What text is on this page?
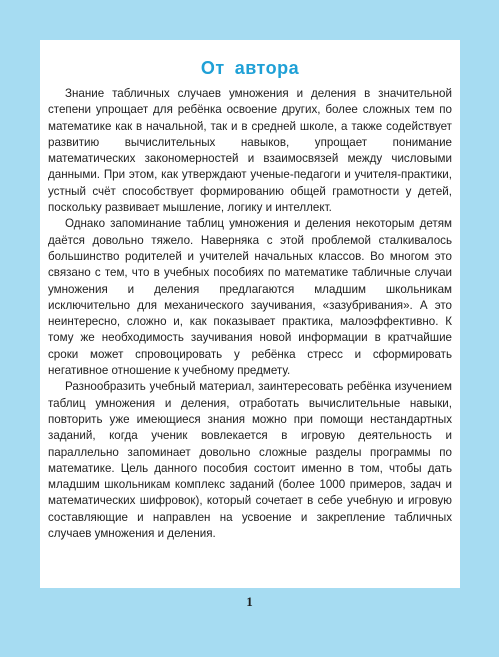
От автора

Знание табличных случаев умножения и деления в значительной степени упрощает для ребёнка освоение других, более сложных тем по математике как в начальной, так и в средней школе, а также содействует развитию вычислительных навыков, упрощает понимание математических закономерностей и взаимосвязей между числовыми данными. При этом, как утверждают ученые-педагоги и учителя-практики, устный счёт способствует формированию общей грамотности у детей, поскольку развивает мышление, логику и интеллект.

Однако запоминание таблиц умножения и деления некоторым детям даётся довольно тяжело. Наверняка с этой проблемой сталкивалось большинство родителей и учителей начальных классов. Во многом это связано с тем, что в учебных пособиях по математике табличные случаи умножения и деления предлагаются младшим школьникам исключительно для механического заучивания, «зазубривания». А это неинтересно, сложно и, как показывает практика, малоэффективно. К тому же необходимость заучивания новой информации в кратчайшие сроки может спровоцировать у ребёнка стресс и сформировать негативное отношение к учебному предмету.

Разнообразить учебный материал, заинтересовать ребёнка изучением таблиц умножения и деления, отработать вычислительные навыки, повторить уже имеющиеся знания можно при помощи нестандартных заданий, когда ученик вовлекается в игровую деятельность и параллельно запоминает довольно сложные разделы программы по математике. Цель данного пособия состоит именно в том, чтобы дать младшим школьникам комплекс заданий (более 1000 примеров, задач и математических шифровок), который сочетает в себе учебную и игровую составляющие и направлен на усвоение и закрепление табличных случаев умножения и деления.

1
